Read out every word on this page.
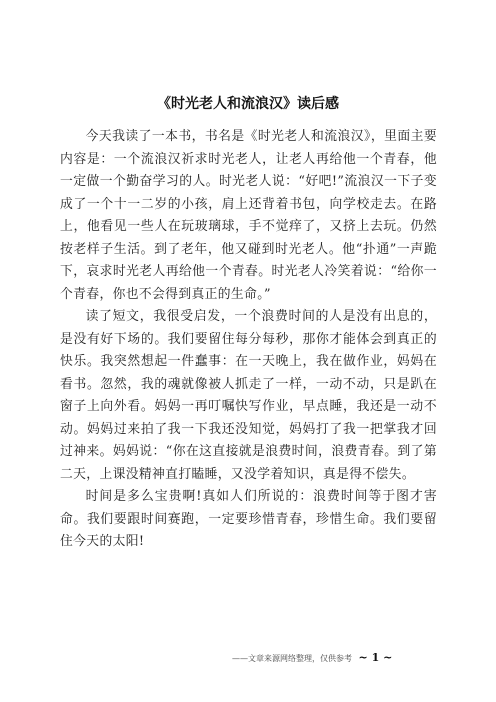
《时光老人和流浪汉》读后感

今天我读了一本书，书名是《时光老人和流浪汉》，里面主要内容是：一个流浪汉祈求时光老人，让老人再给他一个青春，他一定做一个勤奋学习的人。时光老人说：“好吧!”流浪汉一下子变成了一个十一二岁的小孩，肩上还背着书包，向学校走去。在路上，他看见一些人在玩玻璃球，手不觉痒了，又挤上去玩。仍然按老样子生活。到了老年，他又碰到时光老人。他“扑通”一声跪下，哀求时光老人再给他一个青春。时光老人冷笑着说：“给你一个青春，你也不会得到真正的生命。”

读了短文，我很受启发，一个浪费时间的人是没有出息的，是没有好下场的。我们要留住每分每秒，那你才能体会到真正的快乐。我突然想起一件蠢事：在一天晚上，我在做作业，妈妈在看书。忽然，我的魂就像被人抓走了一样，一动不动，只是趴在窗子上向外看。妈妈一再叮嘱快写作业，早点睡，我还是一动不动。妈妈过来拍了我一下我还没知觉，妈妈打了我一把掌我才回过神来。妈妈说：“你在这直接就是浪费时间，浪费青春。到了第二天，上课没精神直打瞌睡，又没学着知识，真是得不偿失。

时间是多么宝贵啊!真如人们所说的：浪费时间等于图才害命。我们要跟时间赛跑，一定要珍惜青春，珍惜生命。我们要留住今天的太阳!

——文章来源网络整理，仅供参考 ~ 1 ~
